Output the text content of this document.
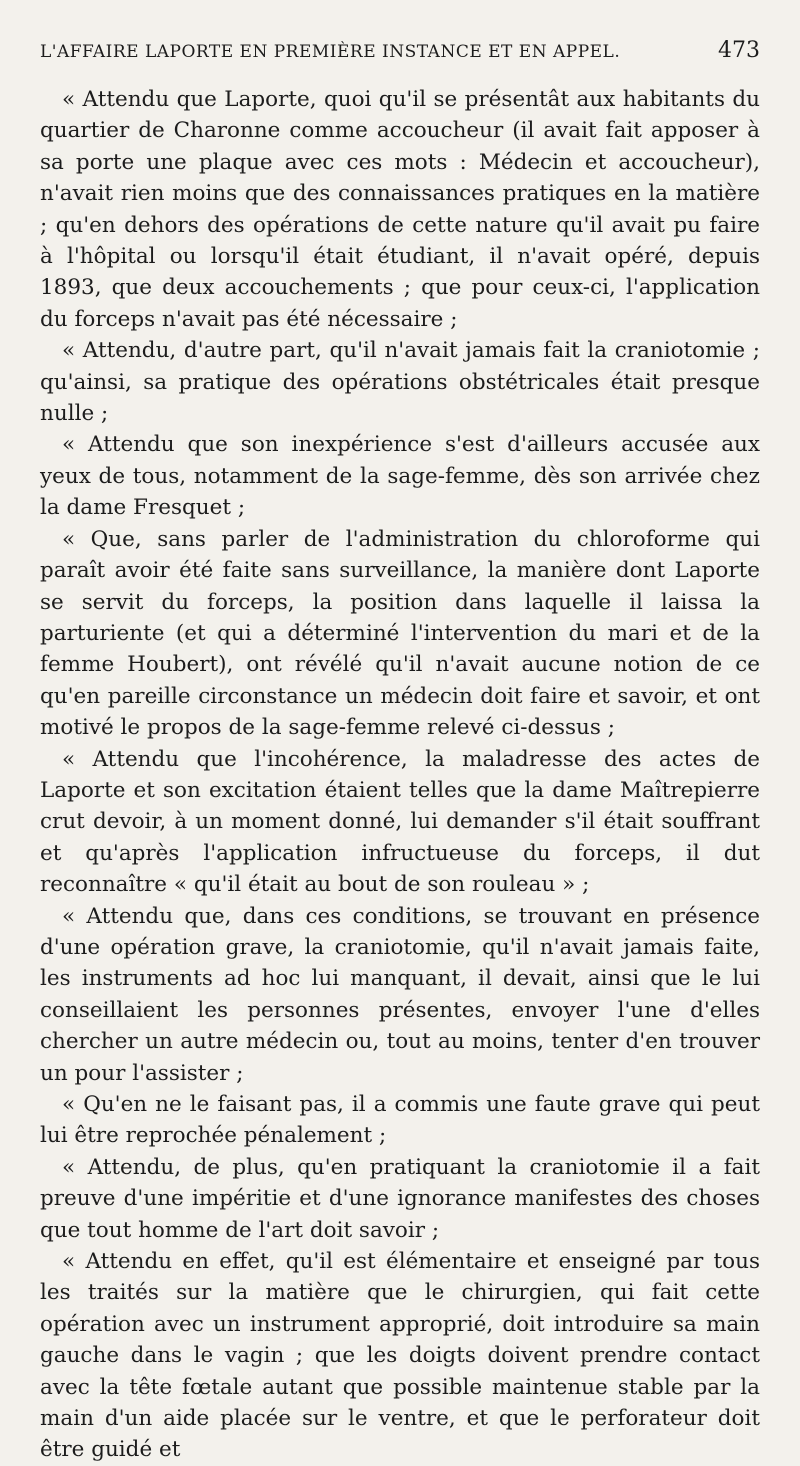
L'AFFAIRE LAPORTE EN PREMIÈRE INSTANCE ET EN APPEL.	473

« Attendu que Laporte, quoi qu'il se présentât aux habitants du quartier de Charonne comme accoucheur (il avait fait apposer à sa porte une plaque avec ces mots : Médecin et accoucheur), n'avait rien moins que des connaissances pratiques en la matière ; qu'en dehors des opérations de cette nature qu'il avait pu faire à l'hôpital ou lorsqu'il était étudiant, il n'avait opéré, depuis 1893, que deux accouchements ; que pour ceux-ci, l'application du forceps n'avait pas été nécessaire ;

« Attendu, d'autre part, qu'il n'avait jamais fait la craniotomie ; qu'ainsi, sa pratique des opérations obstétricales était presque nulle ;

« Attendu que son inexpérience s'est d'ailleurs accusée aux yeux de tous, notamment de la sage-femme, dès son arrivée chez la dame Fresquet ;

« Que, sans parler de l'administration du chloroforme qui paraît avoir été faite sans surveillance, la manière dont Laporte se servit du forceps, la position dans laquelle il laissa la parturiente (et qui a déterminé l'intervention du mari et de la femme Houbert), ont révélé qu'il n'avait aucune notion de ce qu'en pareille circonstance un médecin doit faire et savoir, et ont motivé le propos de la sage-femme relevé ci-dessus ;

« Attendu que l'incohérence, la maladresse des actes de Laporte et son excitation étaient telles que la dame Maîtrepierre crut devoir, à un moment donné, lui demander s'il était souffrant et qu'après l'application infructueuse du forceps, il dut reconnaître « qu'il était au bout de son rouleau » ;

« Attendu que, dans ces conditions, se trouvant en présence d'une opération grave, la craniotomie, qu'il n'avait jamais faite, les instruments ad hoc lui manquant, il devait, ainsi que le lui conseillaient les personnes présentes, envoyer l'une d'elles chercher un autre médecin ou, tout au moins, tenter d'en trouver un pour l'assister ;

« Qu'en ne le faisant pas, il a commis une faute grave qui peut lui être reprochée pénalement ;

« Attendu, de plus, qu'en pratiquant la craniotomie il a fait preuve d'une impéritie et d'une ignorance manifestes des choses que tout homme de l'art doit savoir ;

« Attendu en effet, qu'il est élémentaire et enseigné par tous les traités sur la matière que le chirurgien, qui fait cette opération avec un instrument approprié, doit introduire sa main gauche dans le vagin ; que les doigts doivent prendre contact avec la tête fœtale autant que possible maintenue stable par la main d'un aide placée sur le ventre, et que le perforateur doit être guidé et
